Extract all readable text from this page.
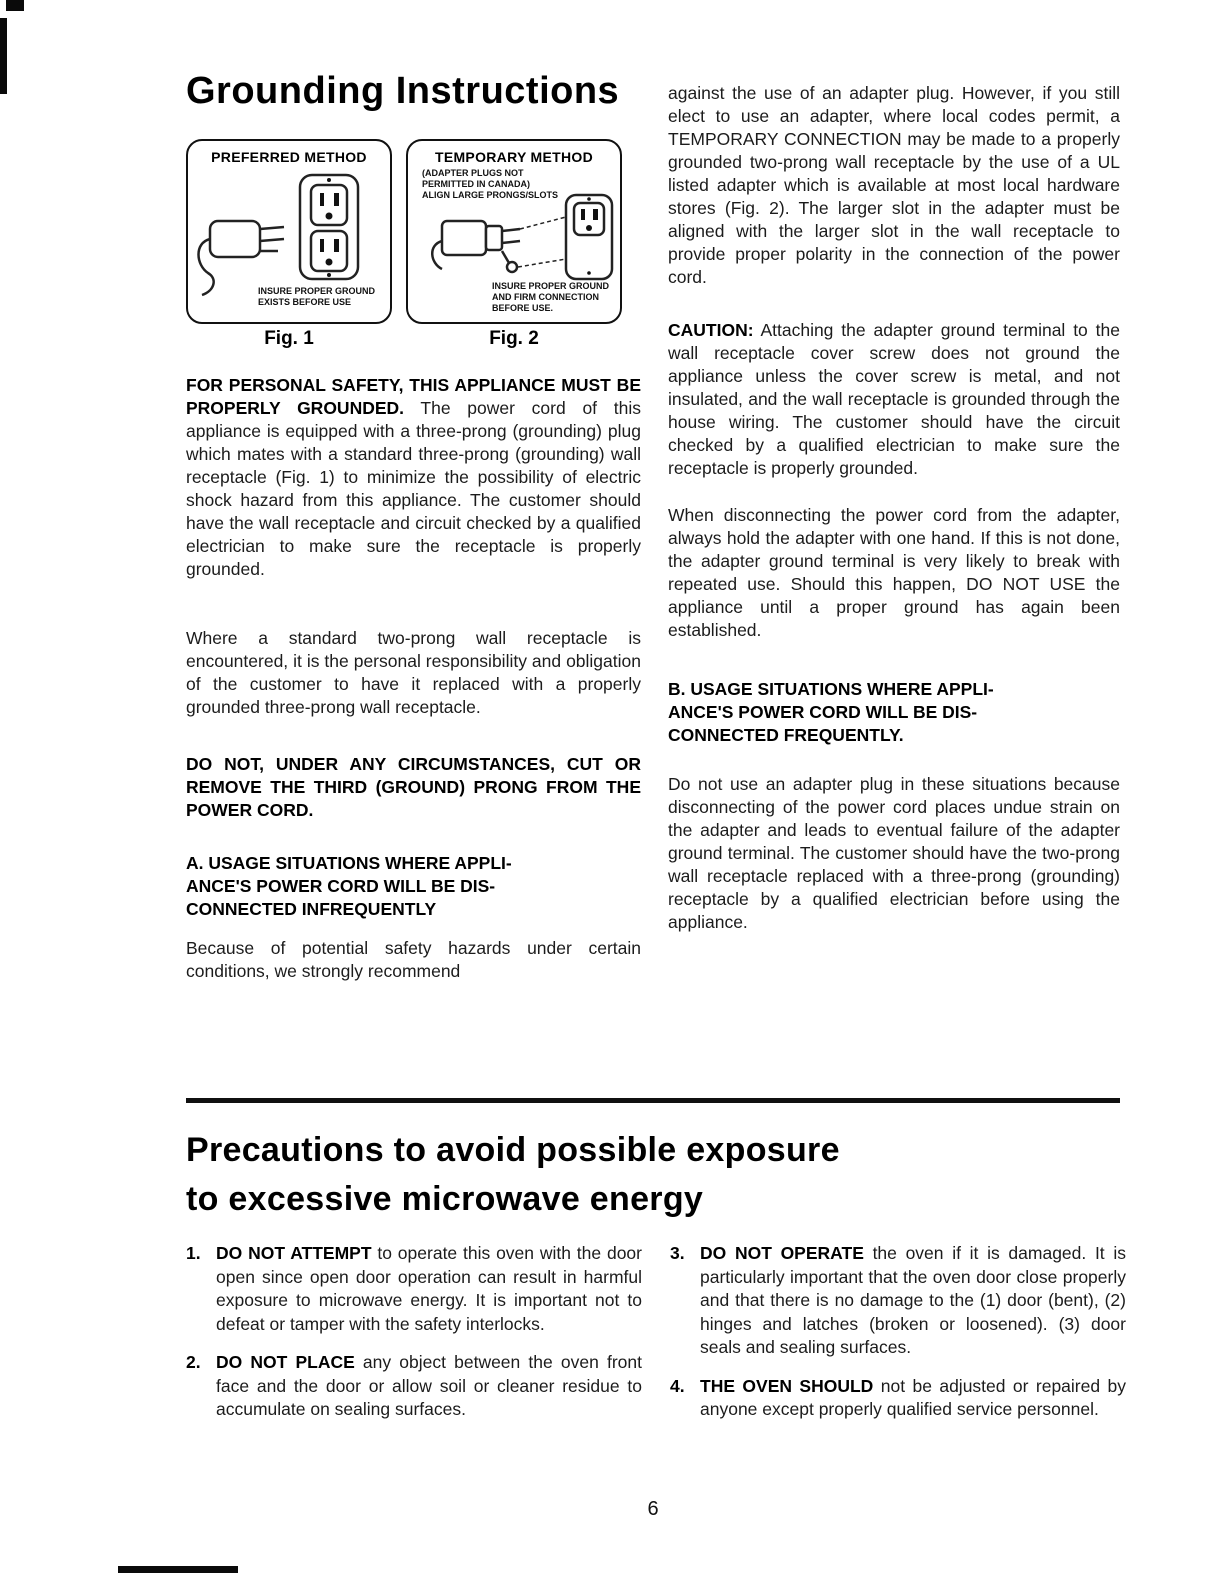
Grounding Instructions
PREFERRED METHOD
INSURE PROPER GROUND
EXISTS BEFORE USE
Fig. 1
TEMPORARY METHOD
(ADAPTER PLUGS NOT
PERMITTED IN CANADA)
ALIGN LARGE PRONGS/SLOTS
INSURE PROPER GROUND
AND FIRM CONNECTION
BEFORE USE.
Fig. 2

FOR PERSONAL SAFETY, THIS APPLIANCE MUST BE PROPERLY GROUNDED. The power cord of this appliance is equipped with a three-prong (grounding) plug which mates with a standard three-prong (grounding) wall receptacle (Fig. 1) to minimize the possibility of electric shock hazard from this appliance. The customer should have the wall receptacle and circuit checked by a qualified electrician to make sure the receptacle is properly grounded.

Where a standard two-prong wall receptacle is encountered, it is the personal responsibility and obligation of the customer to have it replaced with a properly grounded three-prong wall receptacle.

DO NOT, UNDER ANY CIRCUMSTANCES, CUT OR REMOVE THE THIRD (GROUND) PRONG FROM THE POWER CORD.

A. USAGE SITUATIONS WHERE APPLI-
ANCE'S POWER CORD WILL BE DIS-
CONNECTED INFREQUENTLY

Because of potential safety hazards under certain conditions, we strongly recommend

against the use of an adapter plug. However, if you still elect to use an adapter, where local codes permit, a TEMPORARY CONNECTION may be made to a properly grounded two-prong wall receptacle by the use of a UL listed adapter which is available at most local hardware stores (Fig. 2). The larger slot in the adapter must be aligned with the larger slot in the wall receptacle to provide proper polarity in the connection of the power cord.

CAUTION: Attaching the adapter ground terminal to the wall receptacle cover screw does not ground the appliance unless the cover screw is metal, and not insulated, and the wall receptacle is grounded through the house wiring. The customer should have the circuit checked by a qualified electrician to make sure the receptacle is properly grounded.

When disconnecting the power cord from the adapter, always hold the adapter with one hand. If this is not done, the adapter ground terminal is very likely to break with repeated use. Should this happen, DO NOT USE the appliance until a proper ground has again been established.

B. USAGE SITUATIONS WHERE APPLI-
ANCE'S POWER CORD WILL BE DIS-
CONNECTED FREQUENTLY.

Do not use an adapter plug in these situations because disconnecting of the power cord places undue strain on the adapter and leads to eventual failure of the adapter ground terminal. The customer should have the two-prong wall receptacle replaced with a three-prong (grounding) receptacle by a qualified electrician before using the appliance.

Precautions to avoid possible exposure
to excessive microwave energy
1. DO NOT ATTEMPT to operate this oven with the door open since open door operation can result in harmful exposure to microwave energy. It is important not to defeat or tamper with the safety interlocks.
2. DO NOT PLACE any object between the oven front face and the door or allow soil or cleaner residue to accumulate on sealing surfaces.
3. DO NOT OPERATE the oven if it is damaged. It is particularly important that the oven door close properly and that there is no damage to the (1) door (bent), (2) hinges and latches (broken or loosened). (3) door seals and sealing surfaces.
4. THE OVEN SHOULD not be adjusted or repaired by anyone except properly qualified service personnel.
6
